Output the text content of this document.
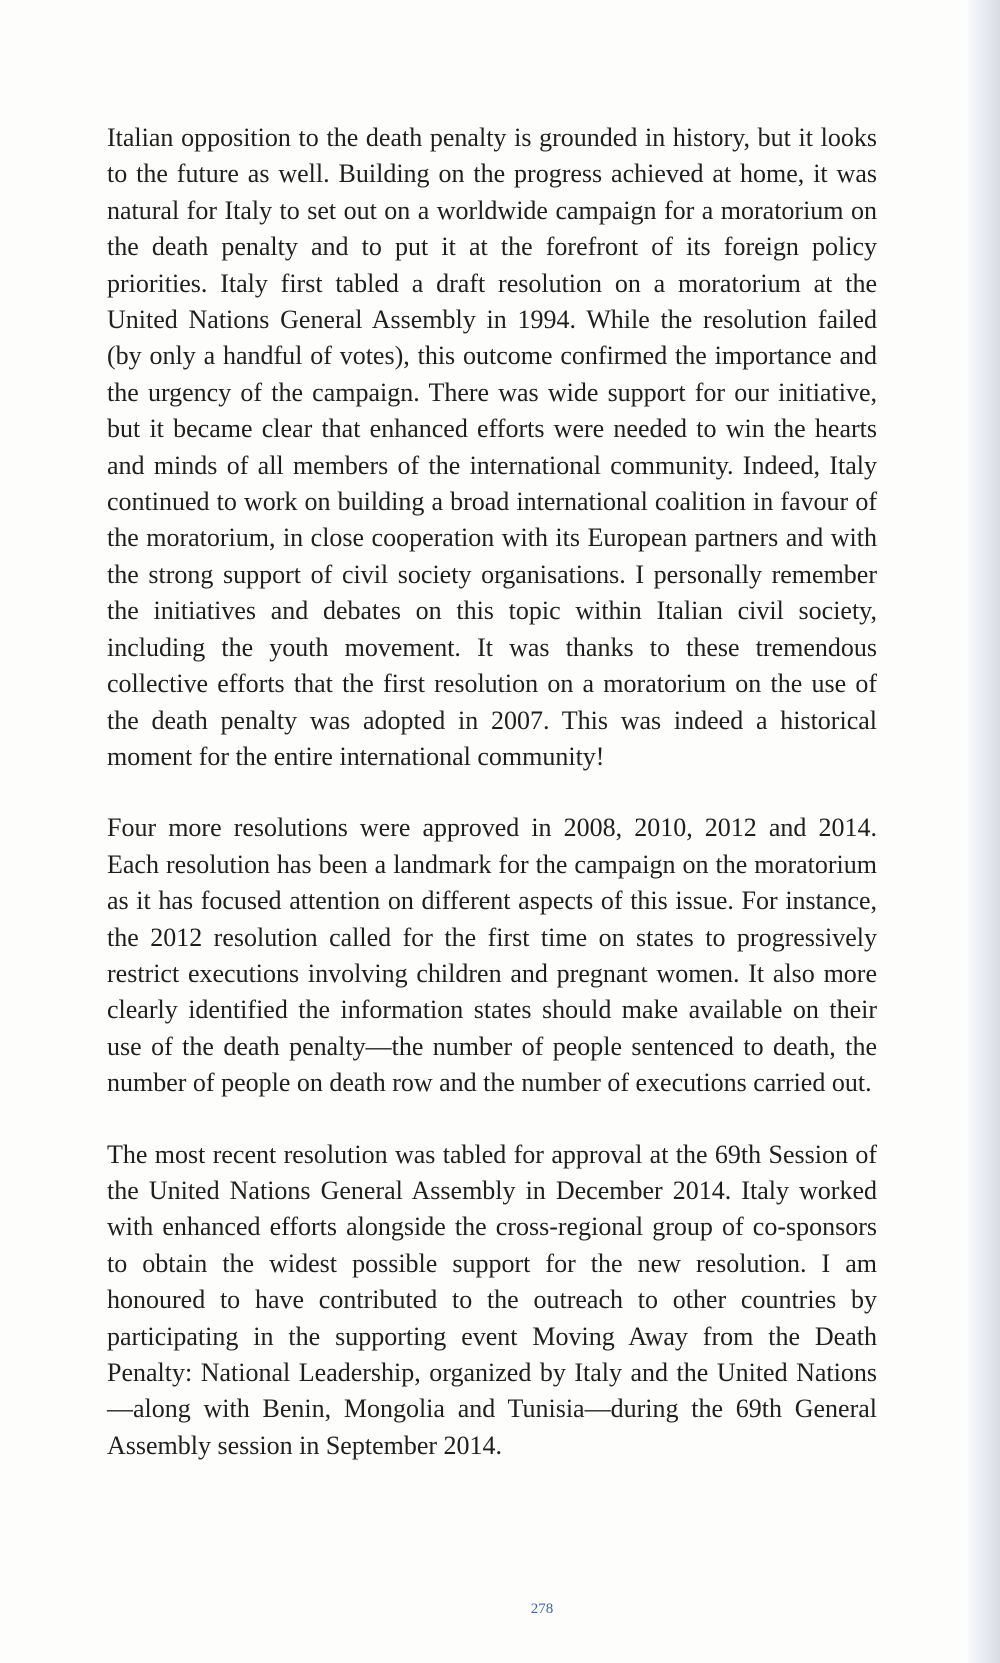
Italian opposition to the death penalty is grounded in history, but it looks to the future as well. Building on the progress achieved at home, it was natural for Italy to set out on a worldwide campaign for a moratorium on the death penalty and to put it at the forefront of its foreign policy priorities. Italy first tabled a draft resolution on a moratorium at the United Nations General Assembly in 1994. While the resolution failed (by only a handful of votes), this outcome confirmed the importance and the urgency of the campaign. There was wide support for our initiative, but it became clear that enhanced efforts were needed to win the hearts and minds of all members of the international community. Indeed, Italy continued to work on building a broad international coalition in favour of the moratorium, in close cooperation with its European partners and with the strong support of civil society organisations. I personally remember the initiatives and debates on this topic within Italian civil society, including the youth movement. It was thanks to these tremendous collective efforts that the first resolution on a moratorium on the use of the death penalty was adopted in 2007. This was indeed a historical moment for the entire international community!

Four more resolutions were approved in 2008, 2010, 2012 and 2014. Each resolution has been a landmark for the campaign on the moratorium as it has focused attention on different aspects of this issue. For instance, the 2012 resolution called for the first time on states to progressively restrict executions involving children and pregnant women. It also more clearly identified the information states should make available on their use of the death penalty—the number of people sentenced to death, the number of people on death row and the number of executions carried out.

The most recent resolution was tabled for approval at the 69th Session of the United Nations General Assembly in December 2014. Italy worked with enhanced efforts alongside the cross-regional group of co-sponsors to obtain the widest possible support for the new resolution. I am honoured to have contributed to the outreach to other countries by participating in the supporting event Moving Away from the Death Penalty: National Leadership, organized by Italy and the United Nations—along with Benin, Mongolia and Tunisia—during the 69th General Assembly session in September 2014.

278
